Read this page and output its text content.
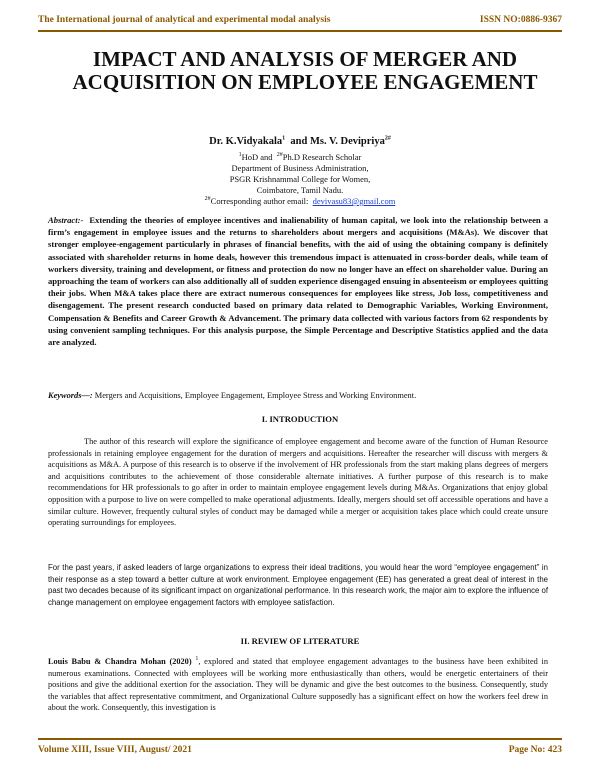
The International journal of analytical and experimental modal analysis	ISSN NO:0886-9367
IMPACT AND ANALYSIS OF MERGER AND ACQUISITION ON EMPLOYEE ENGAGEMENT
Dr. K.Vidyakala$^1$ and Ms. V. Devipriya$^{2\#}$
$^1$HoD and $^{2\#}$Ph.D Research Scholar
Department of Business Administration,
PSGR Krishnammal College for Women,
Coimbatore, Tamil Nadu.
$^{2\#}$Corresponding author email: devivasu83@gmail.com
Abstract:- Extending the theories of employee incentives and inalienability of human capital, we look into the relationship between a firm’s engagement in employee issues and the returns to shareholders about mergers and acquisitions (M&As). We discover that stronger employee-engagement particularly in phrases of financial benefits, with the aid of using the obtaining company is definitely associated with shareholder returns in home deals, however this tremendous impact is attenuated in cross-border deals, while team of workers diversity, training and development, or fitness and protection do now no longer have an effect on shareholder value. During an approaching the team of workers can also additionally all of sudden experience disengaged ensuing in absenteeism or employees quitting their jobs. When M&A takes place there are extract numerous consequences for employees like stress, Job loss, competitiveness and disengagement. The present research conducted based on primary data related to Demographic Variables, Working Environment, Compensation & Benefits and Career Growth & Advancement. The primary data collected with various factors from 62 respondents by using convenient sampling techniques. For this analysis purpose, the Simple Percentage and Descriptive Statistics applied and the data are analyzed.
Keywords—: Mergers and Acquisitions, Employee Engagement, Employee Stress and Working Environment.
I. INTRODUCTION

The author of this research will explore the significance of employee engagement and become aware of the function of Human Resource professionals in retaining employee engagement for the duration of mergers and acquisitions. Hereafter the researcher will discuss with mergers & acquisitions as M&A. A purpose of this research is to observe if the involvement of HR professionals from the start making plans degrees of mergers and acquisitions contributes to the achievement of those considerable alternate initiatives. A further purpose of this research is to make recommendations for HR professionals to go after in order to maintain employee engagement levels during M&As. Organizations that enjoy global opposition with a purpose to live on were compelled to make operational adjustments. Ideally, mergers should set off accessible operations and have a similar culture. However, frequently cultural styles of conduct may be damaged while a merger or acquisition takes place which could create unsure operating surroundings for employees.

For the past years, if asked leaders of large organizations to express their ideal traditions, you would hear the word “employee engagement” in their response as a step toward a better culture at work environment. Employee engagement (EE) has generated a great deal of interest in the past two decades because of its significant impact on organizational performance. In this research work, the major aim to explore the influence of change management on employee engagement factors with employee satisfaction.

II. REVIEW OF LITERATURE

Louis Babu & Chandra Mohan (2020) $^1$, explored and stated that employee engagement advantages to the business have been exhibited in numerous examinations. Connected with employees will be working more enthusiastically than others, would be energetic entertainers of their positions and give the additional exertion for the association. They will be dynamic and give the best outcomes to the business. Consequently, study the variables that affect representative commitment, and Organizational Culture supposedly has a significant effect on how the workers feel drew in about the work. Consequently, this investigation is

Volume XIII, Issue VIII, August/ 2021	Page No: 423
